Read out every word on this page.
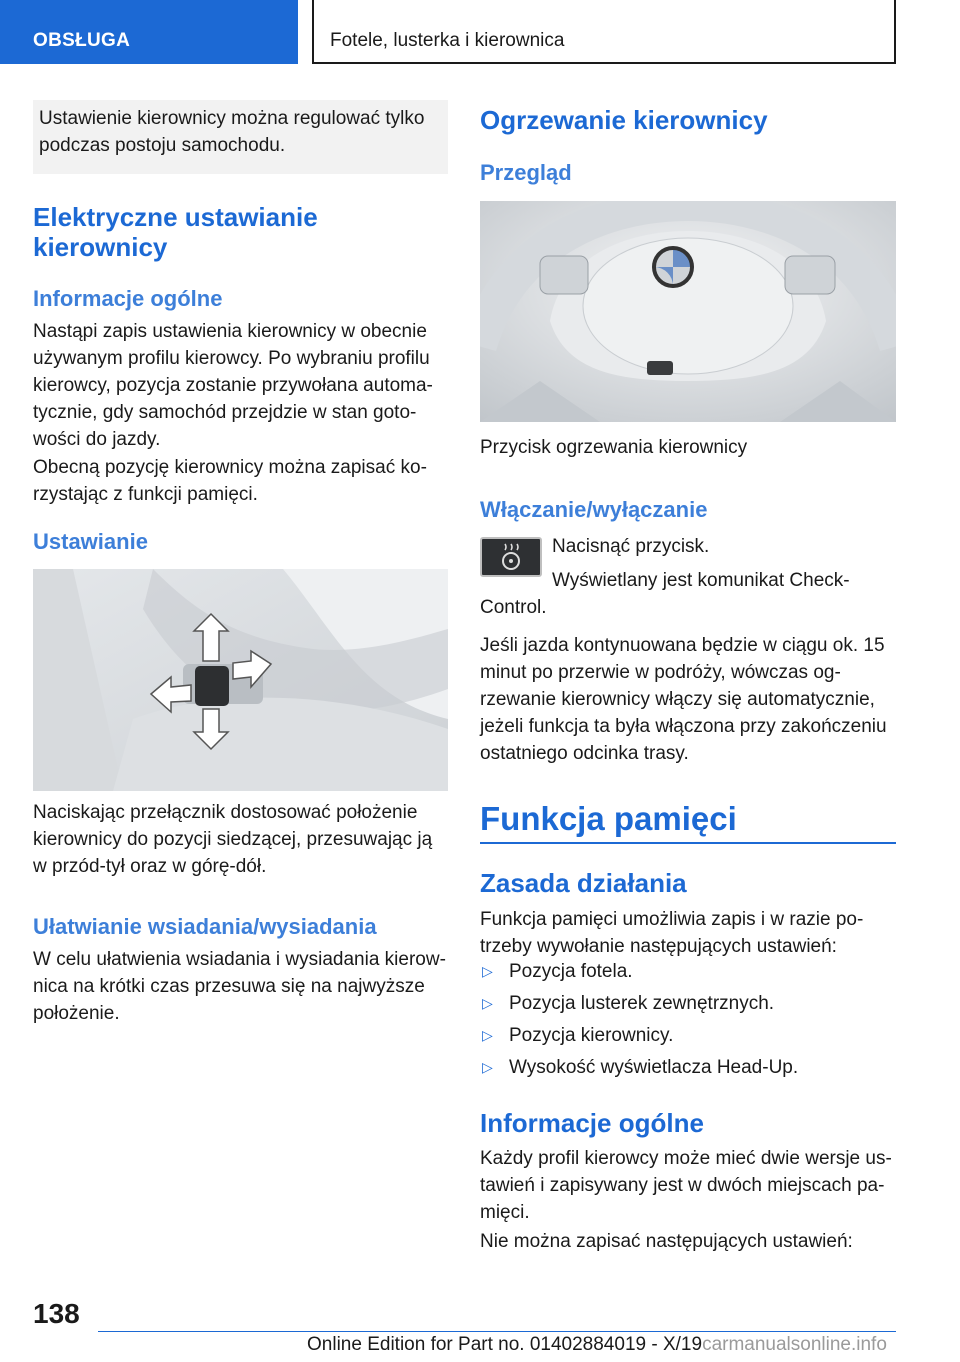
OBSŁUGA	Fotele, lusterka i kierownica
Ustawienie kierownicy można regulować tylko podczas postoju samochodu.
Elektryczne ustawianie kierownicy
Informacje ogólne
Nastąpi zapis ustawienia kierownicy w obecnie używanym profilu kierowcy. Po wybraniu profilu kierowcy, pozycja zostanie przywołana automa-tycznie, gdy samochód przejdzie w stan goto-wości do jazdy.
Obecną pozycję kierownicy można zapisać ko-rzystając z funkcji pamięci.
Ustawianie
Naciskając przełącznik dostosować położenie kierownicy do pozycji siedzącej, przesuwając ją w przód-tył oraz w górę-dół.
Ułatwianie wsiadania/wysiadania
W celu ułatwienia wsiadania i wysiadania kierow-nica na krótki czas przesuwa się na najwyższe położenie.
Ogrzewanie kierownicy
Przegląd
Przycisk ogrzewania kierownicy
Włączanie/wyłączanie
Nacisnąć przycisk.
Wyświetlany jest komunikat Check-Control.
Jeśli jazda kontynuowana będzie w ciągu ok. 15 minut po przerwie w podróży, wówczas og-rzewanie kierownicy włączy się automatycznie, jeżeli funkcja ta była włączona przy zakończeniu ostatniego odcinka trasy.
Funkcja pamięci
Zasada działania
Funkcja pamięci umożliwia zapis i w razie po-trzeby wywołanie następujących ustawień:
▷ Pozycja fotela.
▷ Pozycja lusterek zewnętrznych.
▷ Pozycja kierownicy.
▷ Wysokość wyświetlacza Head-Up.
Informacje ogólne
Każdy profil kierowcy może mieć dwie wersje us-tawień i zapisywany jest w dwóch miejscach pa-mięci.
Nie można zapisać następujących ustawień:
138
Online Edition for Part no. 01402884019 - X/19carmanualsonline.info
